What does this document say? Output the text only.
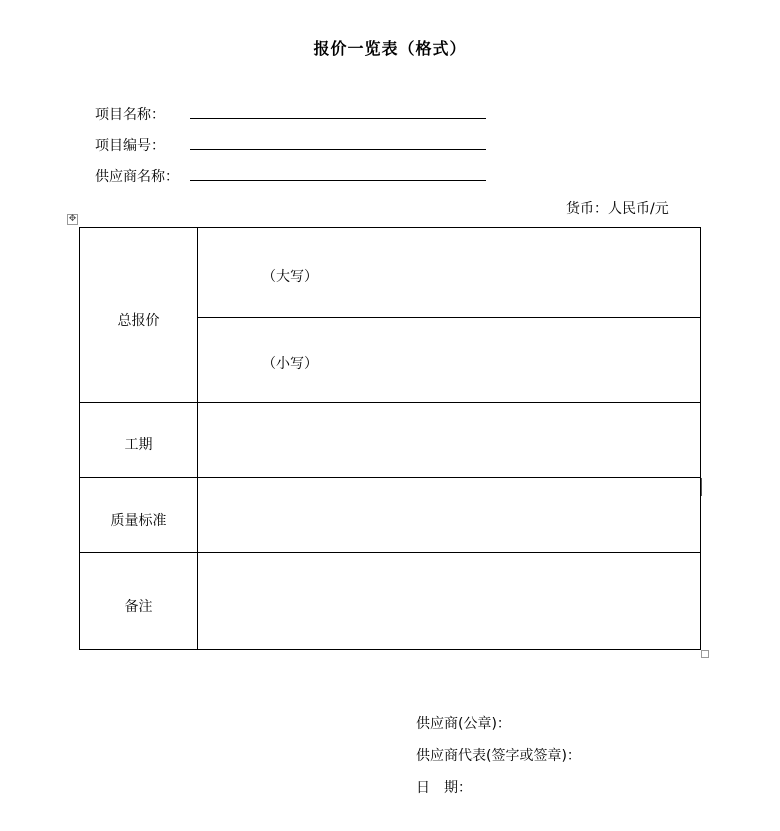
报价一览表（格式）
项目名称：
项目编号：
供应商名称：
货币：人民币/元
✥
总报价
（大写）
（小写）
工期
质量标准
备注
供应商(公章)：
供应商代表(签字或签章)：
日　期：
